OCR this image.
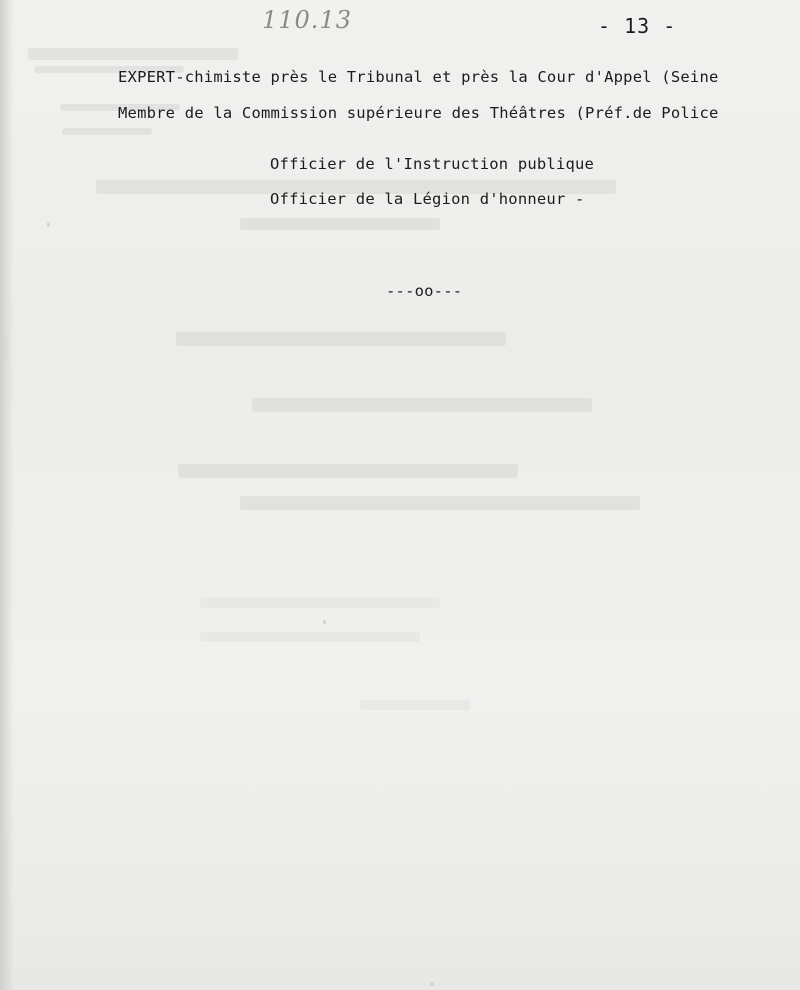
110.13	- 13 -
EXPERT-chimiste près le Tribunal et près la Cour d'Appel (Seine
Membre de la Commission supérieure des Théâtres (Préf.de Police
Officier de l'Instruction publique
Officier de la Légion d'honneur -
---oo---
